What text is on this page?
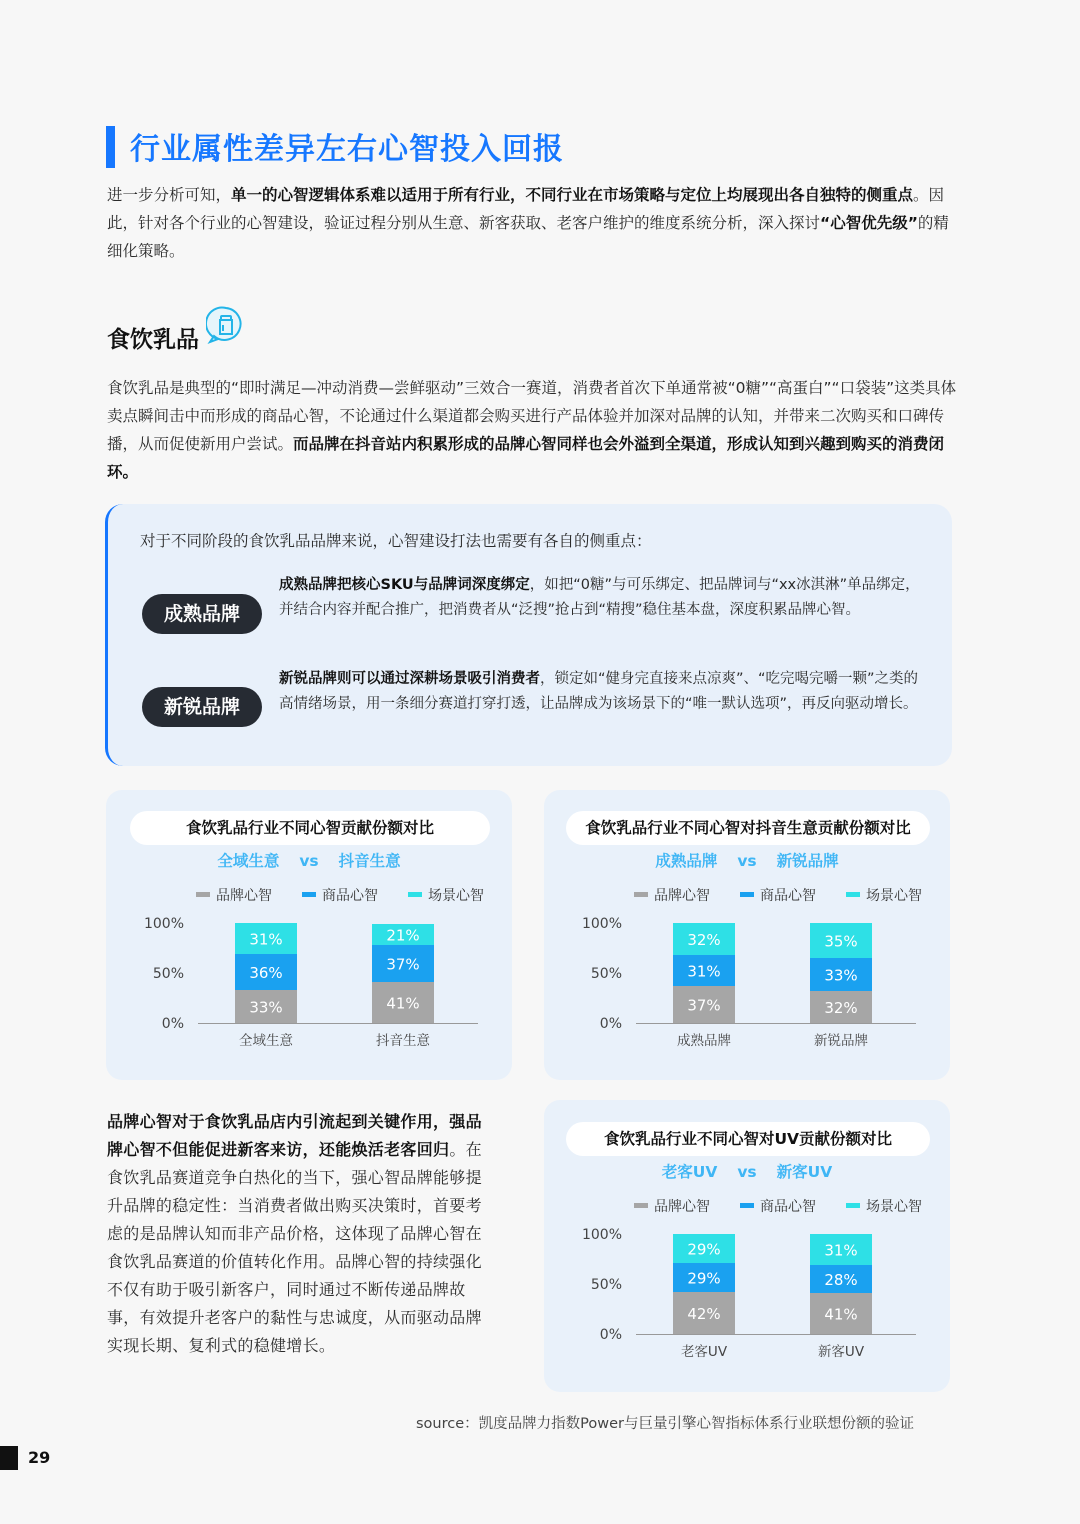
行业属性差异左右心智投入回报
进一步分析可知，单一的心智逻辑体系难以适用于所有行业，不同行业在市场策略与定位上均展现出各自独特的侧重点。因此，针对各个行业的心智建设，验证过程分别从生意、新客获取、老客户维护的维度系统分析，深入探讨“心智优先级”的精细化策略。
食饮乳品
食饮乳品是典型的“即时满足—冲动消费—尝鲜驱动”三效合一赛道，消费者首次下单通常被“0糖”“高蛋白”“口袋装”这类具体卖点瞬间击中而形成的商品心智，不论通过什么渠道都会购买进行产品体验并加深对品牌的认知，并带来二次购买和口碑传播，从而促使新用户尝试。而品牌在抖音站内积累形成的品牌心智同样也会外溢到全渠道，形成认知到兴趣到购买的消费闭环。
对于不同阶段的食饮乳品品牌来说，心智建设打法也需要有各自的侧重点：
成熟品牌
成熟品牌把核心SKU与品牌词深度绑定，如把“0糖”与可乐绑定、把品牌词与“xx冰淇淋”单品绑定，并结合内容并配合推广，把消费者从“泛搜”抢占到“精搜”稳住基本盘，深度积累品牌心智。
新锐品牌
新锐品牌则可以通过深耕场景吸引消费者，锁定如“健身完直接来点凉爽”、“吃完喝完嚼一颗”之类的高情绪场景，用一条细分赛道打穿打透，让品牌成为该场景下的“唯一默认选项”，再反向驱动增长。
食饮乳品行业不同心智贡献份额对比
全域生意 vs 抖音生意
品牌心智	商品心智	场景心智
100%
50%
0%
33%
36%
31%
全域生意
41%
37%
21%
抖音生意
食饮乳品行业不同心智对抖音生意贡献份额对比
成熟品牌 vs 新锐品牌
品牌心智	商品心智	场景心智
100%
50%
0%
37%
31%
32%
成熟品牌
32%
33%
35%
新锐品牌
品牌心智对于食饮乳品店内引流起到关键作用，强品牌心智不但能促进新客来访，还能焕活老客回归。在食饮乳品赛道竞争白热化的当下，强心智品牌能够提升品牌的稳定性：当消费者做出购买决策时，首要考虑的是品牌认知而非产品价格，这体现了品牌心智在食饮乳品赛道的价值转化作用。品牌心智的持续强化不仅有助于吸引新客户，同时通过不断传递品牌故事，有效提升老客户的黏性与忠诚度，从而驱动品牌实现长期、复利式的稳健增长。
食饮乳品行业不同心智对UV贡献份额对比
老客UV vs 新客UV
品牌心智	商品心智	场景心智
100%
50%
0%
42%
29%
29%
老客UV
41%
28%
31%
新客UV
source：凯度品牌力指数Power与巨量引擎心智指标体系行业联想份额的验证
29
